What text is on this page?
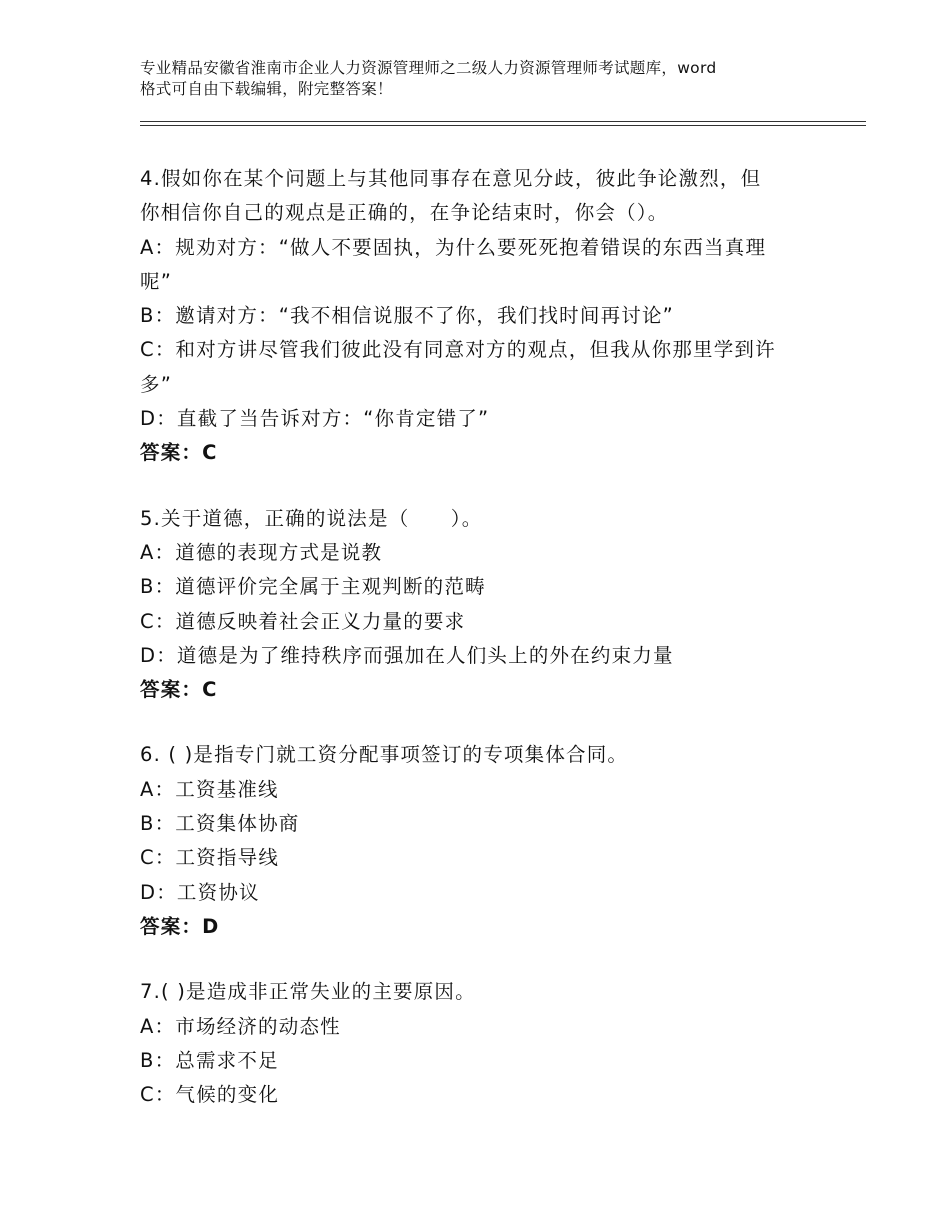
专业精品安徽省淮南市企业人力资源管理师之二级人力资源管理师考试题库，word
格式可自由下载编辑，附完整答案！
4.假如你在某个问题上与其他同事存在意见分歧，彼此争论激烈，但
你相信你自己的观点是正确的，在争论结束时，你会（）。
A：规劝对方：“做人不要固执，为什么要死死抱着错误的东西当真理
呢”
B：邀请对方：“我不相信说服不了你，我们找时间再讨论”
C：和对方讲尽管我们彼此没有同意对方的观点，但我从你那里学到许
多”
D：直截了当告诉对方：“你肯定错了”
答案：C
5.关于道德，正确的说法是（　　）。
A：道德的表现方式是说教
B：道德评价完全属于主观判断的范畴
C：道德反映着社会正义力量的要求
D：道德是为了维持秩序而强加在人们头上的外在约束力量
答案：C
6. ( )是指专门就工资分配事项签订的专项集体合同。
A：工资基准线
B：工资集体协商
C：工资指导线
D：工资协议
答案：D
7.( )是造成非正常失业的主要原因。
A：市场经济的动态性
B：总需求不足
C：气候的变化
